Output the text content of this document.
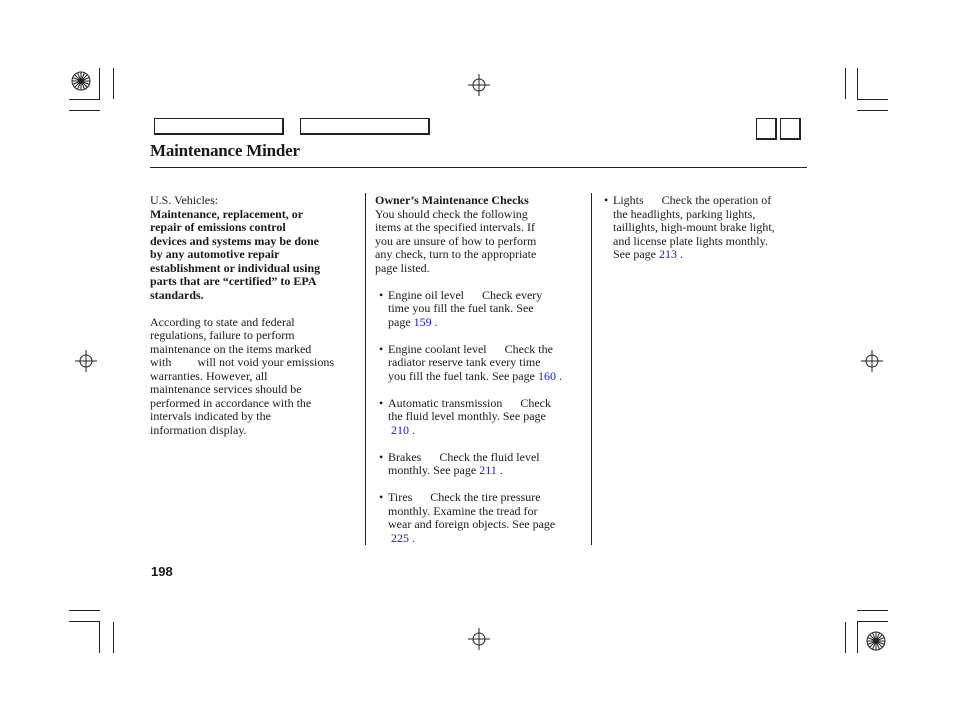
Maintenance Minder

U.S. Vehicles:

Maintenance, replacement, or

repair of emissions control

devices and systems may be done

by any automotive repair

establishment or individual using

parts that are “certified” to EPA

standards.

According to state and federal

regulations, failure to perform

maintenance on the items marked

with will not void your emissions

warranties. However, all

maintenance services should be

performed in accordance with the

intervals indicated by the

information display.

Owner’s Maintenance Checks

You should check the following

items at the specified intervals. If

you are unsure of how to perform

any check, turn to the appropriate

page listed.

• Engine oil level Check every

time you fill the fuel tank. See

page 159 .

• Engine coolant level Check the

radiator reserve tank every time

you fill the fuel tank. See page 160 .

• Automatic transmission Check

the fluid level monthly. See page

210 .

• Brakes Check the fluid level

monthly. See page 211 .

• Tires Check the tire pressure

monthly. Examine the tread for

wear and foreign objects. See page

225 .

• Lights Check the operation of

the headlights, parking lights,

taillights, high-mount brake light,

and license plate lights monthly.

See page 213 .

198
